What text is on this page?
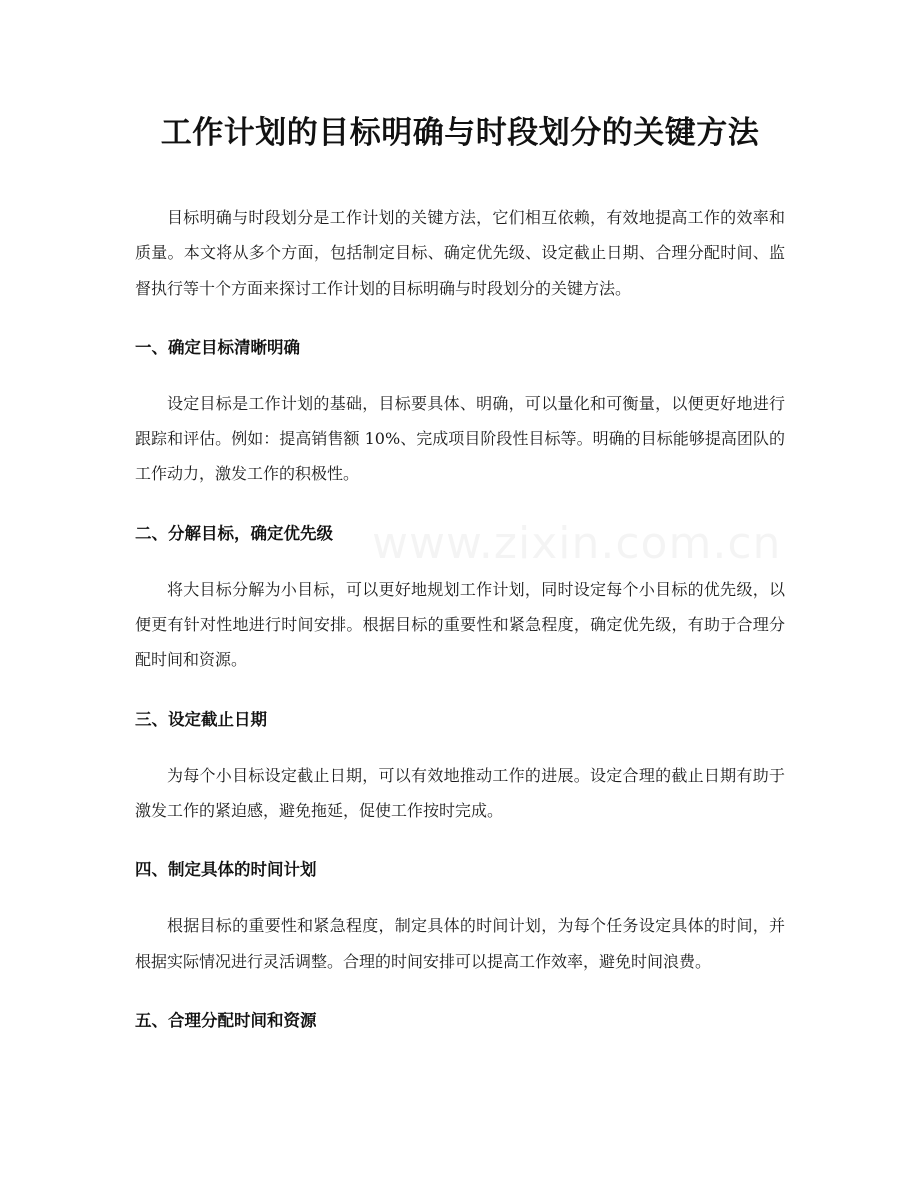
工作计划的目标明确与时段划分的关键方法

目标明确与时段划分是工作计划的关键方法，它们相互依赖，有效地提高工作的效率和质量。本文将从多个方面，包括制定目标、确定优先级、设定截止日期、合理分配时间、监督执行等十个方面来探讨工作计划的目标明确与时段划分的关键方法。

一、确定目标清晰明确

设定目标是工作计划的基础，目标要具体、明确，可以量化和可衡量，以便更好地进行跟踪和评估。例如：提高销售额 10%、完成项目阶段性目标等。明确的目标能够提高团队的工作动力，激发工作的积极性。

二、分解目标，确定优先级

将大目标分解为小目标，可以更好地规划工作计划，同时设定每个小目标的优先级，以便更有针对性地进行时间安排。根据目标的重要性和紧急程度，确定优先级，有助于合理分配时间和资源。

三、设定截止日期

为每个小目标设定截止日期，可以有效地推动工作的进展。设定合理的截止日期有助于激发工作的紧迫感，避免拖延，促使工作按时完成。

四、制定具体的时间计划

根据目标的重要性和紧急程度，制定具体的时间计划，为每个任务设定具体的时间，并根据实际情况进行灵活调整。合理的时间安排可以提高工作效率，避免时间浪费。

五、合理分配时间和资源
